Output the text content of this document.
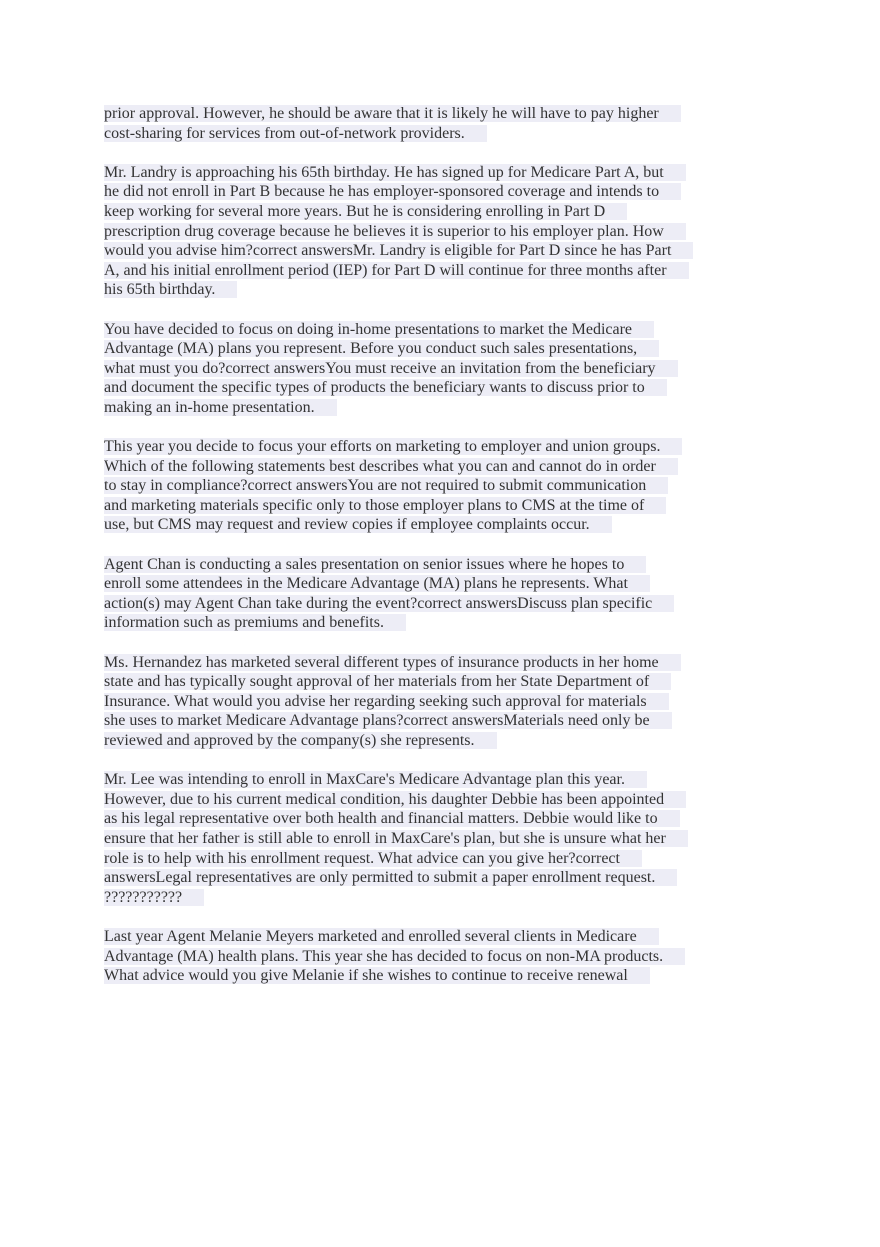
prior approval. However, he should be aware that it is likely he will have to pay higher
cost-sharing for services from out-of-network providers.
Mr. Landry is approaching his 65th birthday. He has signed up for Medicare Part A, but
he did not enroll in Part B because he has employer-sponsored coverage and intends to
keep working for several more years. But he is considering enrolling in Part D
prescription drug coverage because he believes it is superior to his employer plan. How
would you advise him?correct answersMr. Landry is eligible for Part D since he has Part
A, and his initial enrollment period (IEP) for Part D will continue for three months after
his 65th birthday.
You have decided to focus on doing in-home presentations to market the Medicare
Advantage (MA) plans you represent. Before you conduct such sales presentations,
what must you do?correct answersYou must receive an invitation from the beneficiary
and document the specific types of products the beneficiary wants to discuss prior to
making an in-home presentation.
This year you decide to focus your efforts on marketing to employer and union groups.
Which of the following statements best describes what you can and cannot do in order
to stay in compliance?correct answersYou are not required to submit communication
and marketing materials specific only to those employer plans to CMS at the time of
use, but CMS may request and review copies if employee complaints occur.
Agent Chan is conducting a sales presentation on senior issues where he hopes to
enroll some attendees in the Medicare Advantage (MA) plans he represents. What
action(s) may Agent Chan take during the event?correct answersDiscuss plan specific
information such as premiums and benefits.
Ms. Hernandez has marketed several different types of insurance products in her home
state and has typically sought approval of her materials from her State Department of
Insurance. What would you advise her regarding seeking such approval for materials
she uses to market Medicare Advantage plans?correct answersMaterials need only be
reviewed and approved by the company(s) she represents.
Mr. Lee was intending to enroll in MaxCare's Medicare Advantage plan this year.
However, due to his current medical condition, his daughter Debbie has been appointed
as his legal representative over both health and financial matters. Debbie would like to
ensure that her father is still able to enroll in MaxCare's plan, but she is unsure what her
role is to help with his enrollment request. What advice can you give her?correct
answersLegal representatives are only permitted to submit a paper enrollment request.
???????????
Last year Agent Melanie Meyers marketed and enrolled several clients in Medicare
Advantage (MA) health plans. This year she has decided to focus on non-MA products.
What advice would you give Melanie if she wishes to continue to receive renewal
